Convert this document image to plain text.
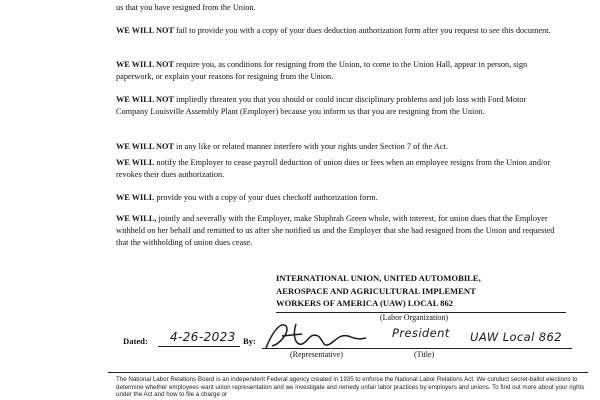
us that you have resigned from the Union.

WE WILL NOT fail to provide you with a copy of your dues deduction authorization form after you request to see this document.

WE WILL NOT require you, as conditions for resigning from the Union, to come to the Union Hall, appear in person, sign paperwork, or explain your reasons for resigning from the Union.

WE WILL NOT impliedly threaten you that you should or could incur disciplinary problems and job loss with Ford Motor Company Louisville Assembly Plant (Employer) because you inform us that you are resigning from the Union.

WE WILL NOT in any like or related manner interfere with your rights under Section 7 of the Act.

WE WILL notify the Employer to cease payroll deduction of union dues or fees when an employee resigns from the Union and/or revokes their dues authorization.

WE WILL provide you with a copy of your dues checkoff authorization form.

WE WILL, jointly and severally with the Employer, make Shiphrah Green whole, with interest, for union dues that the Employer withheld on her behalf and remitted to us after she notified us and the Employer that she had resigned from the Union and requested that the withholding of union dues cease.

INTERNATIONAL UNION, UNITED AUTOMOBILE,
AEROSPACE AND AGRICULTURAL IMPLEMENT
WORKERS OF AMERICA (UAW) LOCAL 862
(Labor Organization)
Dated: 4-26-2023 By:
President UAW Local 862
(Representative)	(Title)
The National Labor Relations Board is an independent Federal agency created in 1935 to enforce the National Labor Relations Act. We conduct secret-ballot elections to determine whether employees want union representation and we investigate and remedy unfair labor practices by employers and unions. To find out more about your rights under the Act and how to file a charge or
